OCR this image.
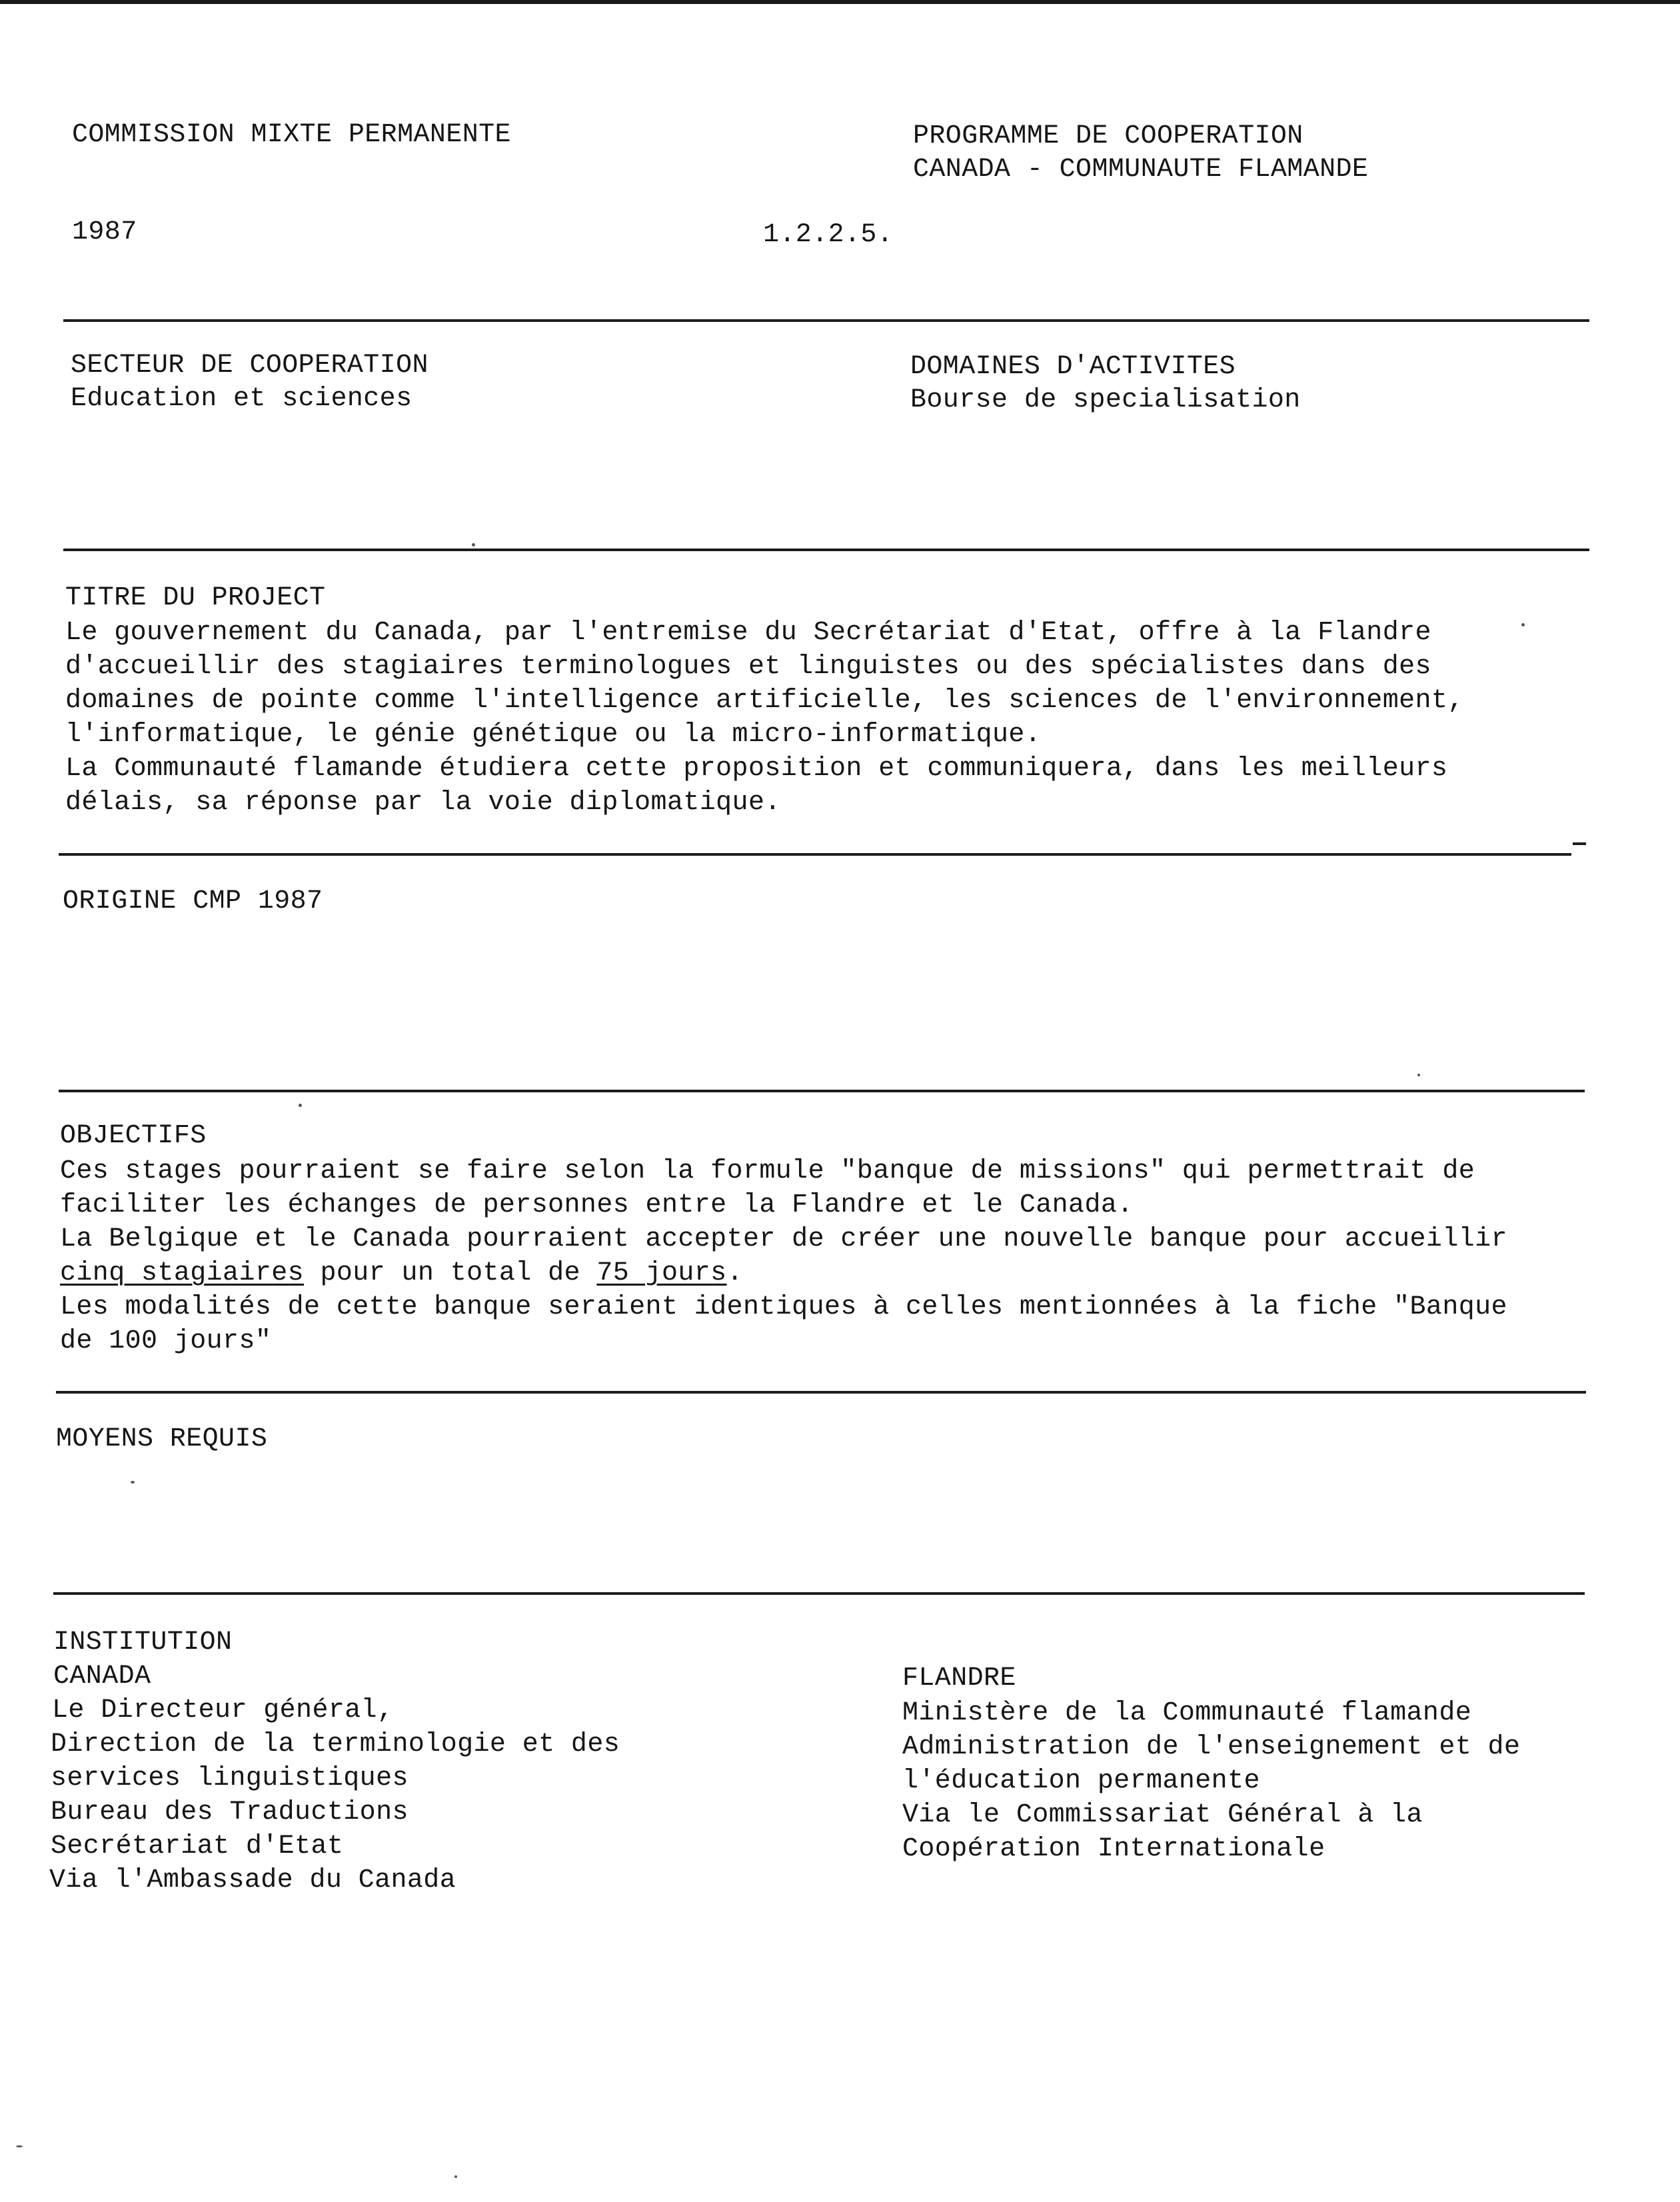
COMMISSION MIXTE PERMANENTE	PROGRAMME DE COOPERATION
CANADA - COMMUNAUTE FLAMANDE
1987	1.2.2.5.
SECTEUR DE COOPERATION
Education et sciences
DOMAINES D'ACTIVITES
Bourse de specialisation
TITRE DU PROJECT
Le gouvernement du Canada, par l'entremise du Secrétariat d'Etat, offre à la Flandre
d'accueillir des stagiaires terminologues et linguistes ou des spécialistes dans des
domaines de pointe comme l'intelligence artificielle, les sciences de l'environnement,
l'informatique, le génie génétique ou la micro-informatique.
La Communauté flamande étudiera cette proposition et communiquera, dans les meilleurs
délais, sa réponse par la voie diplomatique.
ORIGINE CMP 1987
OBJECTIFS
Ces stages pourraient se faire selon la formule "banque de missions" qui permettrait de
faciliter les échanges de personnes entre la Flandre et le Canada.
La Belgique et le Canada pourraient accepter de créer une nouvelle banque pour accueillir
cinq stagiaires pour un total de 75 jours.
Les modalités de cette banque seraient identiques à celles mentionnées à la fiche "Banque
de 100 jours"
MOYENS REQUIS
INSTITUTION
CANADA
Le Directeur général,
Direction de la terminologie et des
services linguistiques
Bureau des Traductions
Secrétariat d'Etat
Via l'Ambassade du Canada
FLANDRE
Ministère de la Communauté flamande
Administration de l'enseignement et de
l'éducation permanente
Via le Commissariat Général à la
Coopération Internationale
